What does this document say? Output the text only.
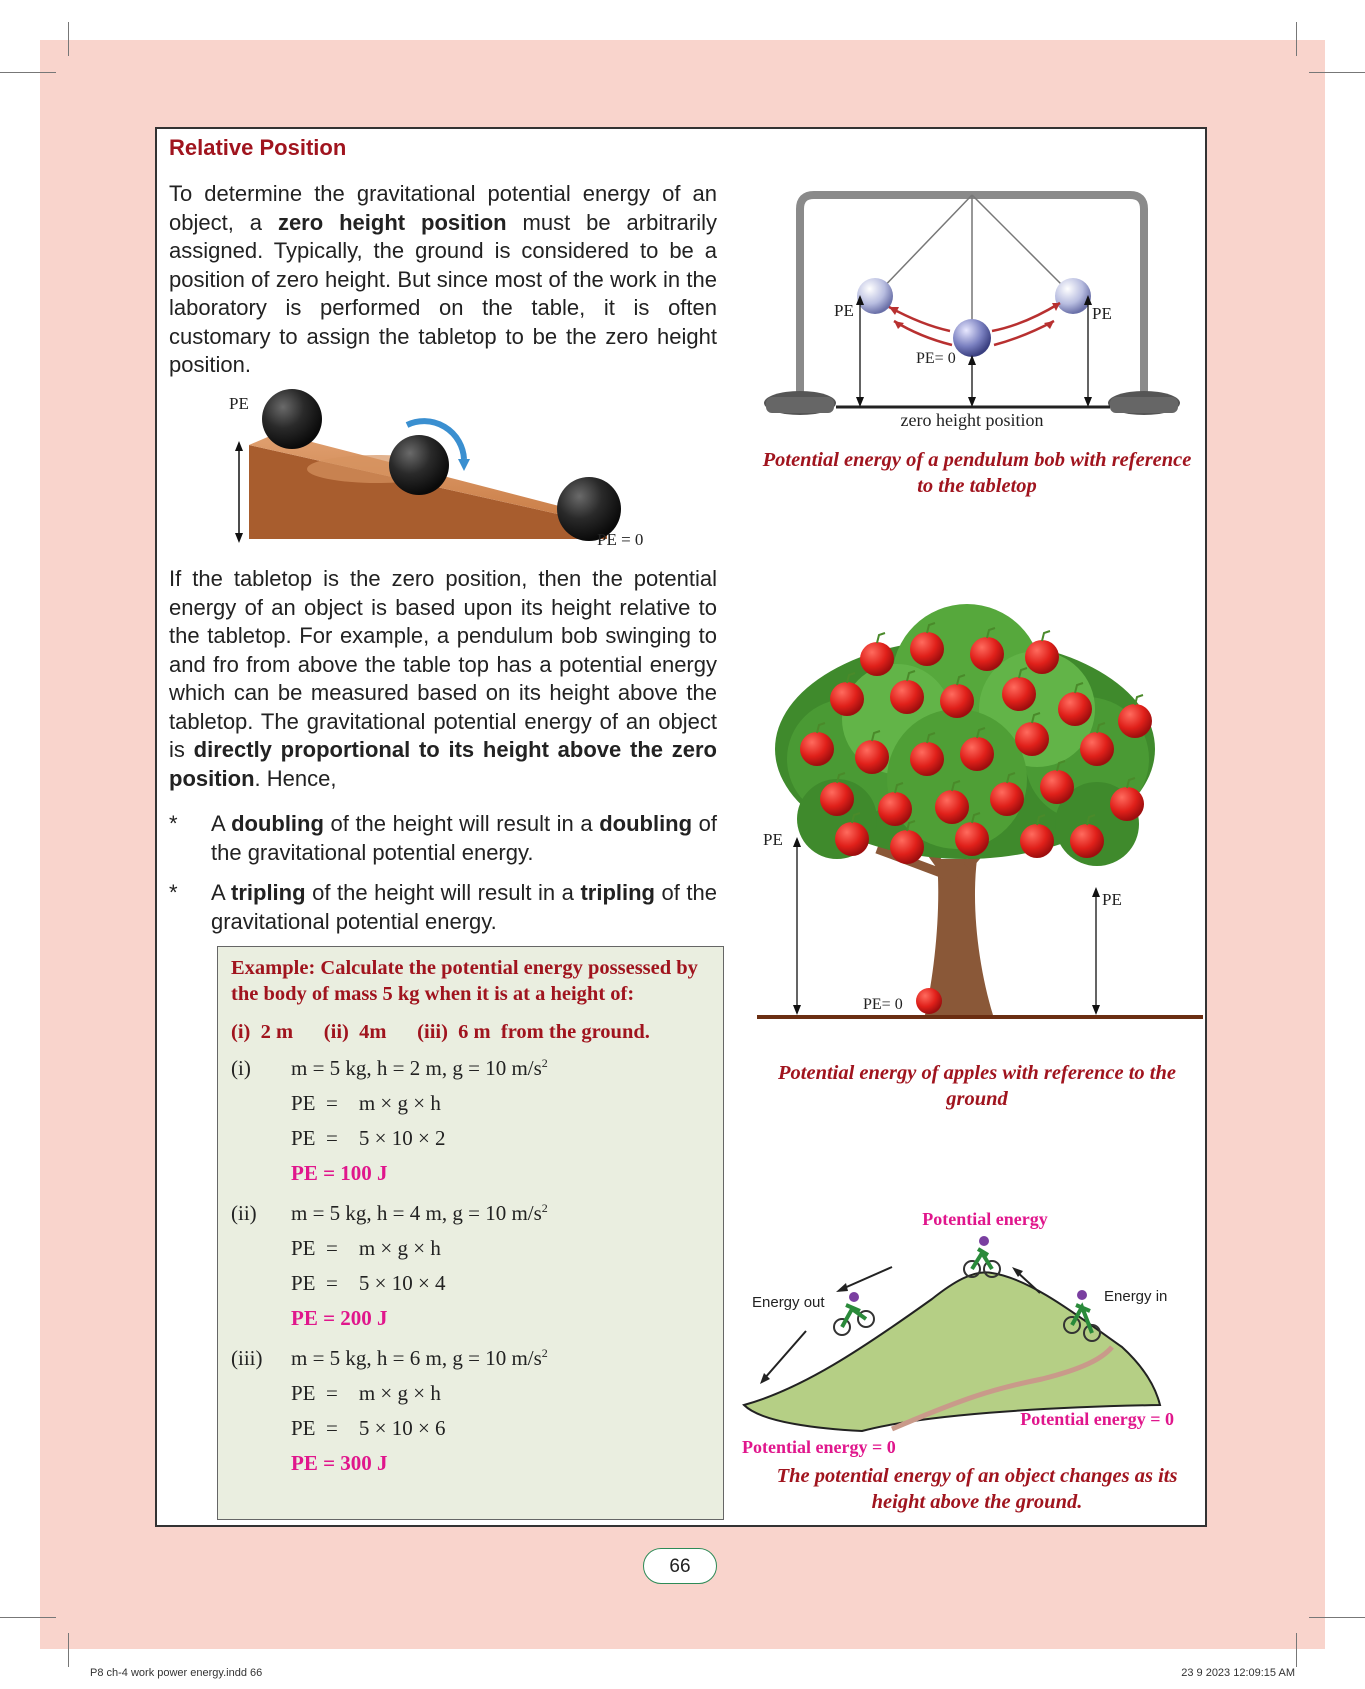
Relative Position

To determine the gravitational potential energy of an object, a zero height position must be arbitrarily assigned. Typically, the ground is considered to be a position of zero height. But since most of the work in the laboratory is performed on the table, it is often customary to assign the tabletop to be the zero height position.

PE
PE = 0

If the tabletop is the zero position, then the potential energy of an object is based upon its height relative to the tabletop. For example, a pendulum bob swinging to and fro from above the table top has a potential energy which can be measured based on its height above the tabletop. The gravitational potential energy of an object is directly proportional to its height above the zero position. Hence,

* A doubling of the height will result in a doubling of the gravitational potential energy.
* A tripling of the height will result in a tripling of the gravitational potential energy.

Example: Calculate the potential energy possessed by the body of mass 5 kg when it is at a height of:

(i)  2 m      (ii)  4m      (iii)  6 m  from the ground.
(i) m = 5 kg, h = 2 m, g = 10 $m/s^2$
PE  =    m × g × h
PE  =    5 × 10 × 2
PE = 100 J
(ii) m = 5 kg, h = 4 m, g = 10 $m/s^2$
PE  =    m × g × h
PE  =    5 × 10 × 4
PE = 200 J
(iii) m = 5 kg, h = 6 m, g = 10 $m/s^2$
PE  =    m × g × h
PE  =    5 × 10 × 6
PE = 300 J
PE	PE
PE= 0
zero height position

Potential energy of a pendulum bob with reference to the tabletop

PE
PE
PE= 0

Potential energy of apples with reference to the ground

Potential energy
Energy out	Energy in
Potential energy = 0
Potential energy = 0

The potential energy of an object changes as its height above the ground.

66
P8 ch-4 work power energy.indd 66	23 9 2023 12:09:15 AM
